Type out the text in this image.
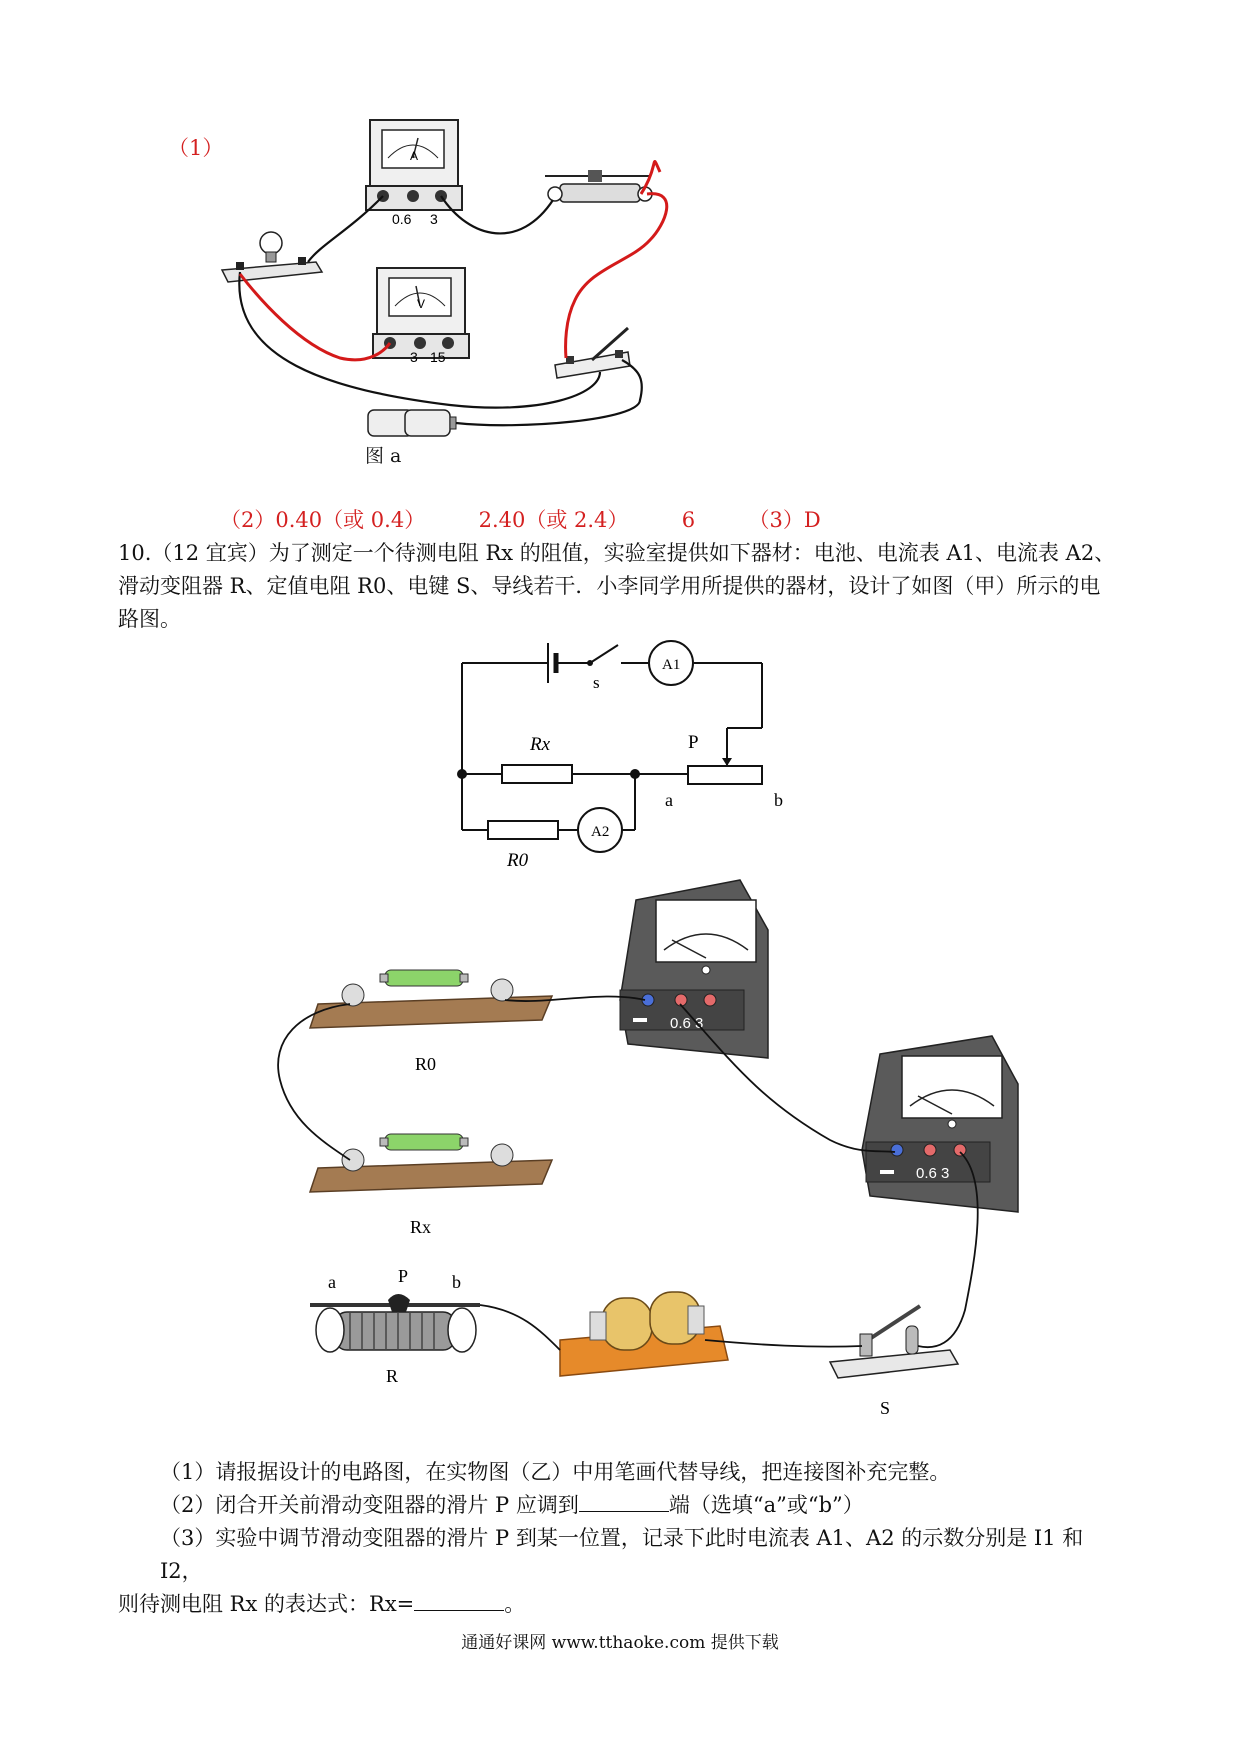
（1）	A
0.6 3
V
3 15
图 a
（2）0.40（或 0.4）	2.40（或 2.4）	6	（3）D
10.（12 宜宾）为了测定一个待测电阻 Rx 的阻值，实验室提供如下器材：电池、电流表 A1、电流表 A2、
滑动变阻器 R、定值电阻 R0、电键 S、导线若干．小李同学用所提供的器材，设计了如图（甲）所示的电
路图。
s
A1
A2
Rx
R0
P
a	b
0.6 3
0.6 3
R0
Rx
a	P b
R
S
（1）请报据设计的电路图，在实物图（乙）中用笔画代替导线，把连接图补充完整。
（2）闭合开关前滑动变阻器的滑片 P 应调到	端（选填“a”或“b”）
（3）实验中调节滑动变阻器的滑片 P 到某一位置，记录下此时电流表 A1、A2 的示数分别是 I1 和 I2，
则待测电阻 Rx 的表达式：Rx=	。
通通好课网 www.tthaoke.com 提供下载
